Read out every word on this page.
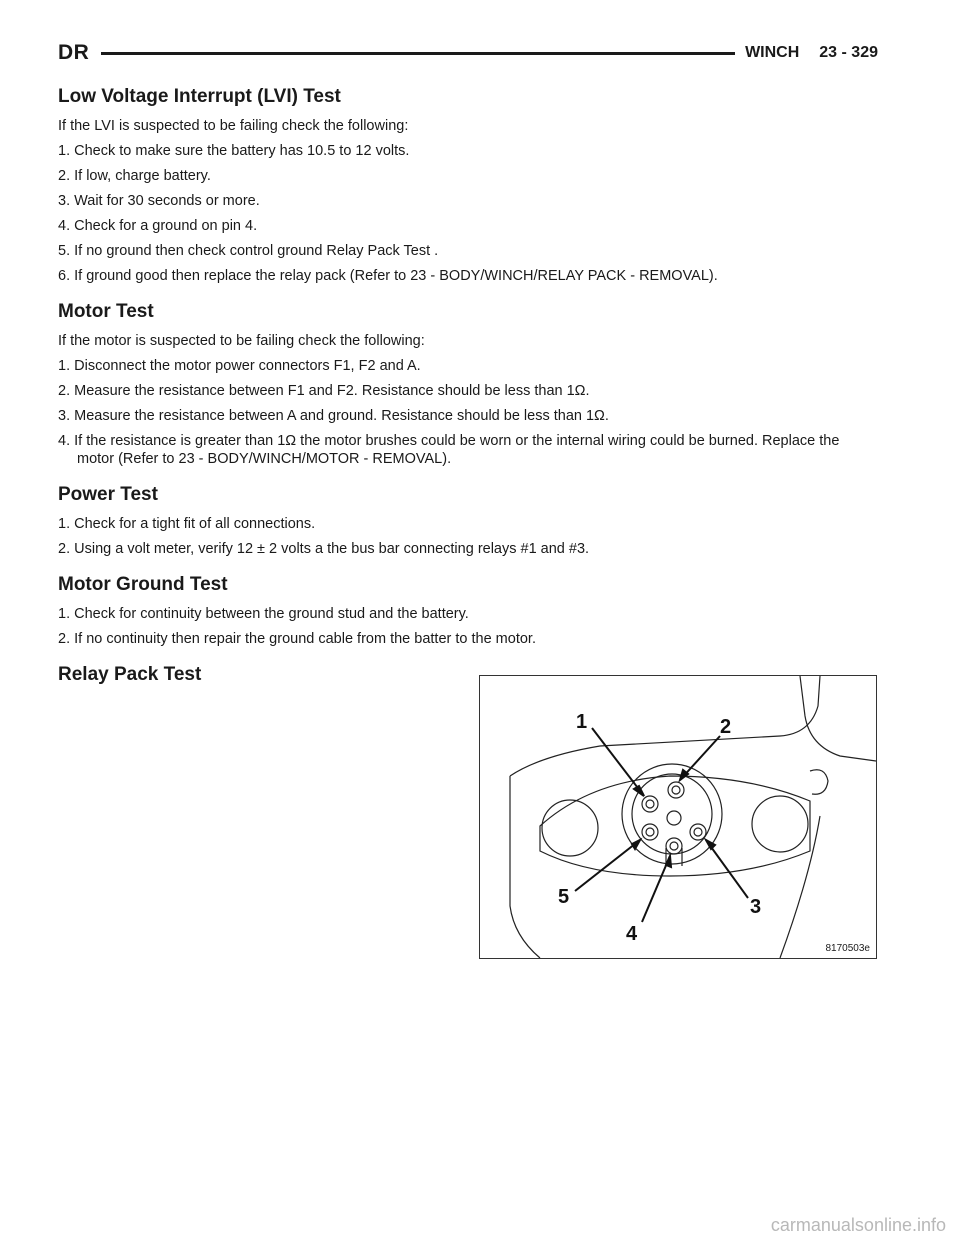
DR	WINCH 23 - 329
Low Voltage Interrupt (LVI) Test

If the LVI is suspected to be failing check the following:

1. Check to make sure the battery has 10.5 to 12 volts.

2. If low, charge battery.

3. Wait for 30 seconds or more.

4. Check for a ground on pin 4.

5. If no ground then check control ground Relay Pack Test .

6. If ground good then replace the relay pack (Refer to 23 - BODY/WINCH/RELAY PACK - REMOVAL).

Motor Test

If the motor is suspected to be failing check the following:

1. Disconnect the motor power connectors F1, F2 and A.

2. Measure the resistance between F1 and F2. Resistance should be less than 1Ω.

3. Measure the resistance between A and ground. Resistance should be less than 1Ω.

4. If the resistance is greater than 1Ω the motor brushes could be worn or the internal wiring could be burned. Replace the motor (Refer to 23 - BODY/WINCH/MOTOR - REMOVAL).

Power Test

1. Check for a tight fit of all connections.

2. Using a volt meter, verify 12 ± 2 volts a the bus bar connecting relays #1 and #3.

Motor Ground Test

1. Check for continuity between the ground stud and the battery.

2. If no continuity then repair the ground cable from the batter to the motor.

Relay Pack Test
1	2
3
4
5
8170503e
carmanualsonline.info
